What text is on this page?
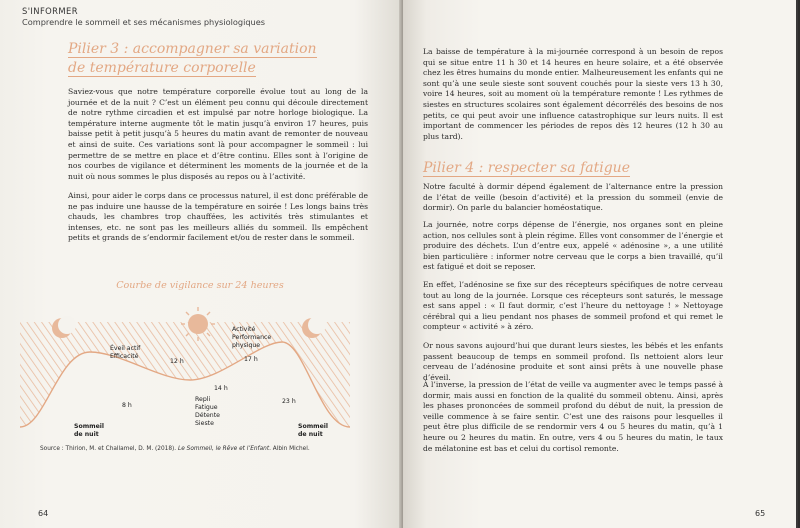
S'INFORMER
Comprendre le sommeil et ses mécanismes physiologiques
Pilier 3 : accompagner sa variation
de température corporelle
Saviez-vous que notre température corporelle évolue tout au long de la journée et de la nuit ? C’est un élément peu connu qui découle directement de notre rythme circadien et est impulsé par notre horloge biologique. La température interne augmente tôt le matin jusqu’à environ 17 heures, puis baisse petit à petit jusqu’à 5 heures du matin avant de remonter de nouveau et ainsi de suite. Ces variations sont là pour accompagner le sommeil : lui permettre de se mettre en place et d’être continu. Elles sont à l’origine de nos courbes de vigilance et déterminent les moments de la journée et de la nuit où nous sommes le plus disposés au repos ou à l’activité.
Ainsi, pour aider le corps dans ce processus naturel, il est donc préférable de ne pas induire une hausse de la température en soirée ! Les longs bains très chauds, les chambres trop chauffées, les activités très stimulantes et intenses, etc. ne sont pas les meilleurs alliés du sommeil. Ils empêchent petits et grands de s’endormir facilement et/ou de rester dans le sommeil.
Courbe de vigilance sur 24 heures
Éveil actif
Efficacité
12 h
Activité
Performance
physique
17 h
14 h
Repli
Fatigue
Détente
Sieste
8 h
23 h
Sommeil
de nuit
Sommeil
de nuit
Source : Thirion, M. et Challamel, D. M. (2018). Le Sommeil, le Rêve et l’Enfant. Albin Michel.
64
La baisse de température à la mi-journée correspond à un besoin de repos qui se situe entre 11 h 30 et 14 heures en heure solaire, et a été observée chez les êtres humains du monde entier. Malheureusement les enfants qui ne sont qu’à une seule sieste sont souvent couchés pour la sieste vers 13 h 30, voire 14 heures, soit au moment où la température remonte ! Les rythmes de siestes en structures scolaires sont également décorrélés des besoins de nos petits, ce qui peut avoir une influence catastrophique sur leurs nuits. Il est important de commencer les périodes de repos dès 12 heures (12 h 30 au plus tard).
Pilier 4 : respecter sa fatigue
Notre faculté à dormir dépend également de l’alternance entre la pression de l’état de veille (besoin d’activité) et la pression du sommeil (envie de dormir). On parle du balancier homéostatique.
La journée, notre corps dépense de l’énergie, nos organes sont en pleine action, nos cellules sont à plein régime. Elles vont consommer de l’énergie et produire des déchets. L’un d’entre eux, appelé « adénosine », a une utilité bien particulière : informer notre cerveau que le corps a bien travaillé, qu’il est fatigué et doit se reposer.
En effet, l’adénosine se fixe sur des récepteurs spécifiques de notre cerveau tout au long de la journée. Lorsque ces récepteurs sont saturés, le message est sans appel : « Il faut dormir, c’est l’heure du nettoyage ! » Nettoyage cérébral qui a lieu pendant nos phases de sommeil profond et qui remet le compteur « activité » à zéro.
Or nous savons aujourd’hui que durant leurs siestes, les bébés et les enfants passent beaucoup de temps en sommeil profond. Ils nettoient alors leur cerveau de l’adénosine produite et sont ainsi prêts à une nouvelle phase d’éveil.
À l’inverse, la pression de l’état de veille va augmenter avec le temps passé à dormir, mais aussi en fonction de la qualité du sommeil obtenu. Ainsi, après les phases prononcées de sommeil profond du début de nuit, la pression de veille commence à se faire sentir. C’est une des raisons pour lesquelles il peut être plus difficile de se rendormir vers 4 ou 5 heures du matin, qu’à 1 heure ou 2 heures du matin. En outre, vers 4 ou 5 heures du matin, le taux de mélatonine est bas et celui du cortisol remonte.
65
